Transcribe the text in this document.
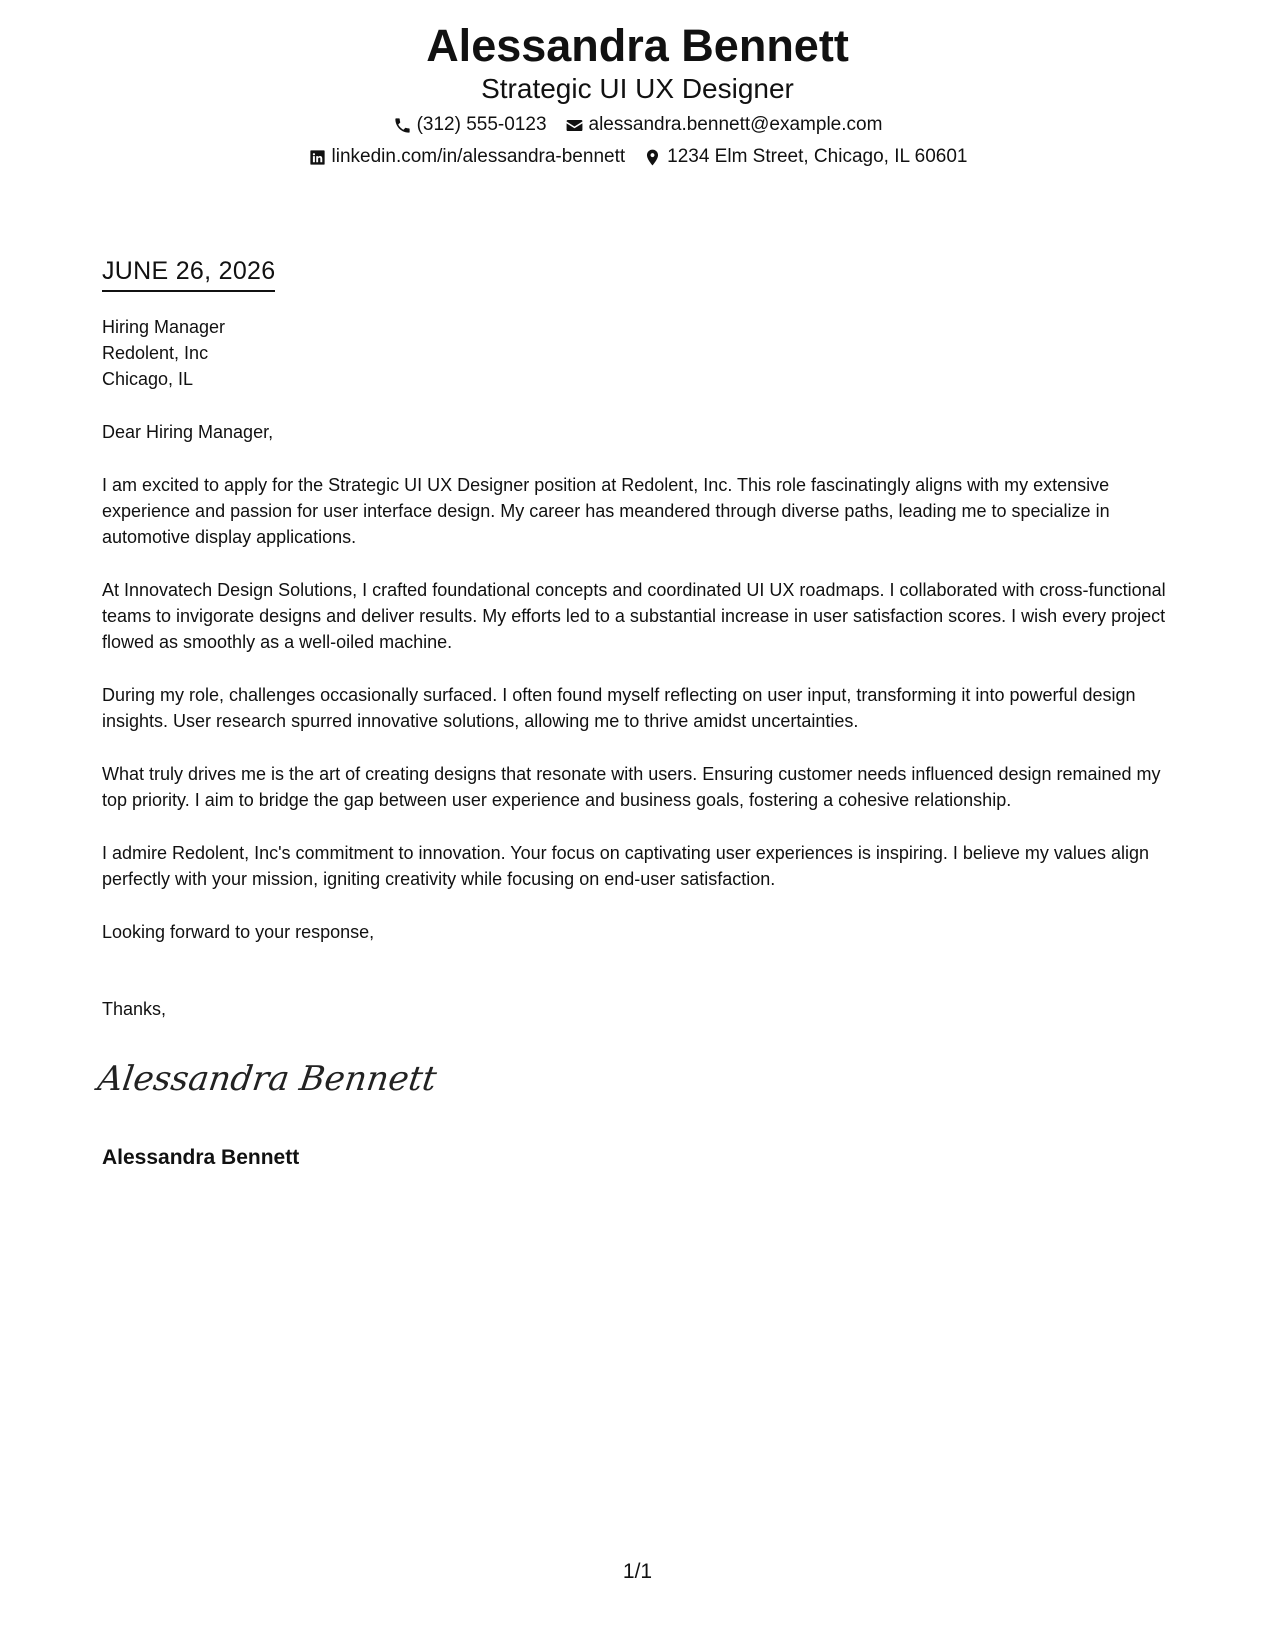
Alessandra Bennett
Strategic UI UX Designer
(312) 555-0123 alessandra.bennett@example.com
linkedin.com/in/alessandra-bennett 1234 Elm Street, Chicago, IL 60601
JUNE 26, 2026
Hiring Manager
Redolent, Inc
Chicago, IL

Dear Hiring Manager,

I am excited to apply for the Strategic UI UX Designer position at Redolent, Inc. This role fascinatingly aligns with my extensive experience and passion for user interface design. My career has meandered through diverse paths, leading me to specialize in automotive display applications.

At Innovatech Design Solutions, I crafted foundational concepts and coordinated UI UX roadmaps. I collaborated with cross-functional teams to invigorate designs and deliver results. My efforts led to a substantial increase in user satisfaction scores. I wish every project flowed as smoothly as a well-oiled machine.

During my role, challenges occasionally surfaced. I often found myself reflecting on user input, transforming it into powerful design insights. User research spurred innovative solutions, allowing me to thrive amidst uncertainties.

What truly drives me is the art of creating designs that resonate with users. Ensuring customer needs influenced design remained my top priority. I aim to bridge the gap between user experience and business goals, fostering a cohesive relationship.

I admire Redolent, Inc's commitment to innovation. Your focus on captivating user experiences is inspiring. I believe my values align perfectly with your mission, igniting creativity while focusing on end-user satisfaction.

Looking forward to your response,

Thanks,
Alessandra Bennett
Alessandra Bennett
1/1
